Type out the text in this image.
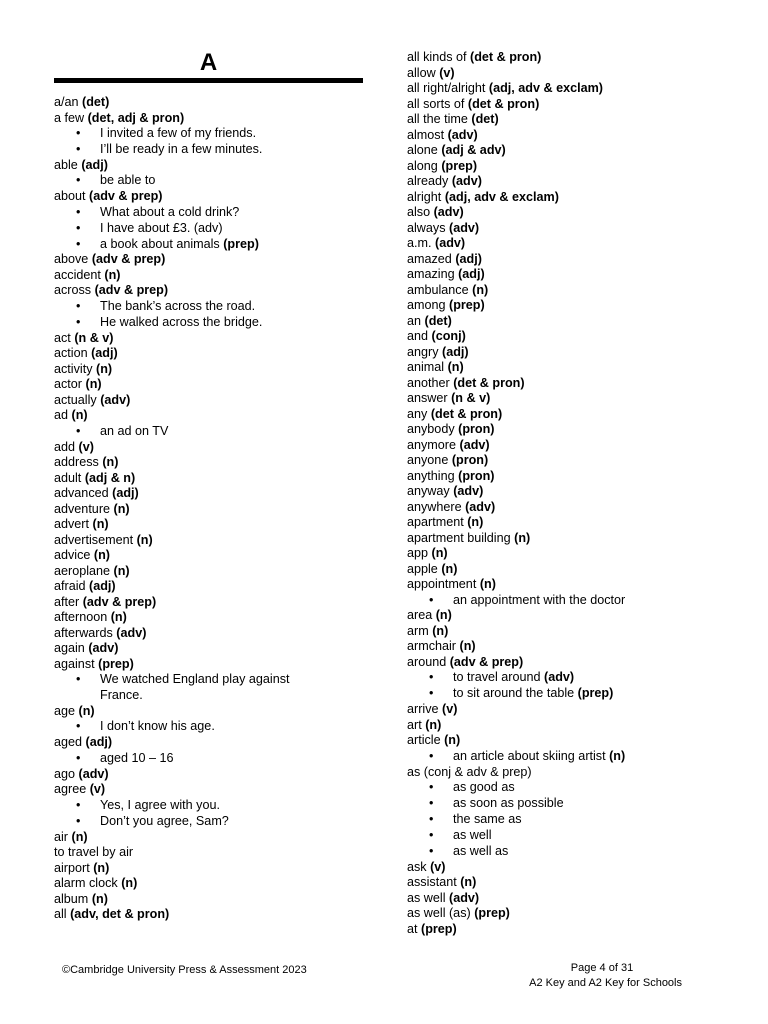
A
a/an (det)
a few (det, adj & pron)
• I invited a few of my friends.
• I’ll be ready in a few minutes.
able (adj)
• be able to
about (adv & prep)
• What about a cold drink?
• I have about £3. (adv)
• a book about animals (prep)
above (adv & prep)
accident (n)
across (adv & prep)
• The bank’s across the road.
• He walked across the bridge.
act (n & v)
action (adj)
activity (n)
actor (n)
actually (adv)
ad (n)
• an ad on TV
add (v)
address (n)
adult (adj & n)
advanced (adj)
adventure (n)
advert (n)
advertisement (n)
advice (n)
aeroplane (n)
afraid (adj)
after (adv & prep)
afternoon (n)
afterwards (adv)
again (adv)
against (prep)
• We watched England play against France.
age (n)
• I don’t know his age.
aged (adj)
• aged 10 – 16
ago (adv)
agree (v)
• Yes, I agree with you.
• Don’t you agree, Sam?
air (n)
to travel by air
airport (n)
alarm clock (n)
album (n)
all (adv, det & pron)
all kinds of (det & pron)
allow (v)
all right/alright (adj, adv & exclam)
all sorts of (det & pron)
all the time (det)
almost (adv)
alone (adj & adv)
along (prep)
already (adv)
alright (adj, adv & exclam)
also (adv)
always (adv)
a.m. (adv)
amazed (adj)
amazing (adj)
ambulance (n)
among (prep)
an (det)
and (conj)
angry (adj)
animal (n)
another (det & pron)
answer (n & v)
any (det & pron)
anybody (pron)
anymore (adv)
anyone (pron)
anything (pron)
anyway (adv)
anywhere (adv)
apartment (n)
apartment building (n)
app (n)
apple (n)
appointment (n)
• an appointment with the doctor
area (n)
arm (n)
armchair (n)
around (adv & prep)
• to travel around (adv)
• to sit around the table (prep)
arrive (v)
art (n)
article (n)
• an article about skiing artist (n)
as (conj & adv & prep)
• as good as
• as soon as possible
• the same as
• as well
• as well as
ask (v)
assistant (n)
as well (adv)
as well (as) (prep)
at (prep)
©Cambridge University Press & Assessment 2023	Page 4 of 31
A2 Key and A2 Key for Schools
